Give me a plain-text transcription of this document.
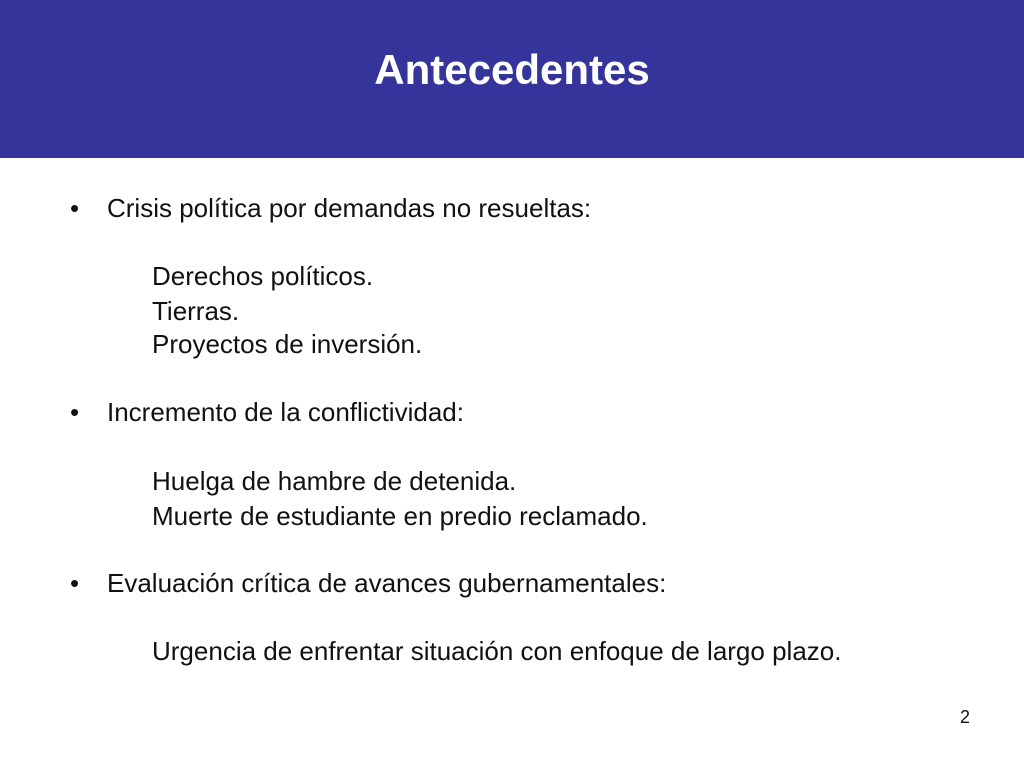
Antecedentes
• Crisis política por demandas no resueltas:
Derechos políticos.
Tierras.
Proyectos de inversión.
• Incremento de la conflictividad:
Huelga de hambre de detenida.
Muerte de estudiante en predio reclamado.
• Evaluación crítica de avances gubernamentales:
Urgencia de enfrentar situación con enfoque de largo plazo.
2
